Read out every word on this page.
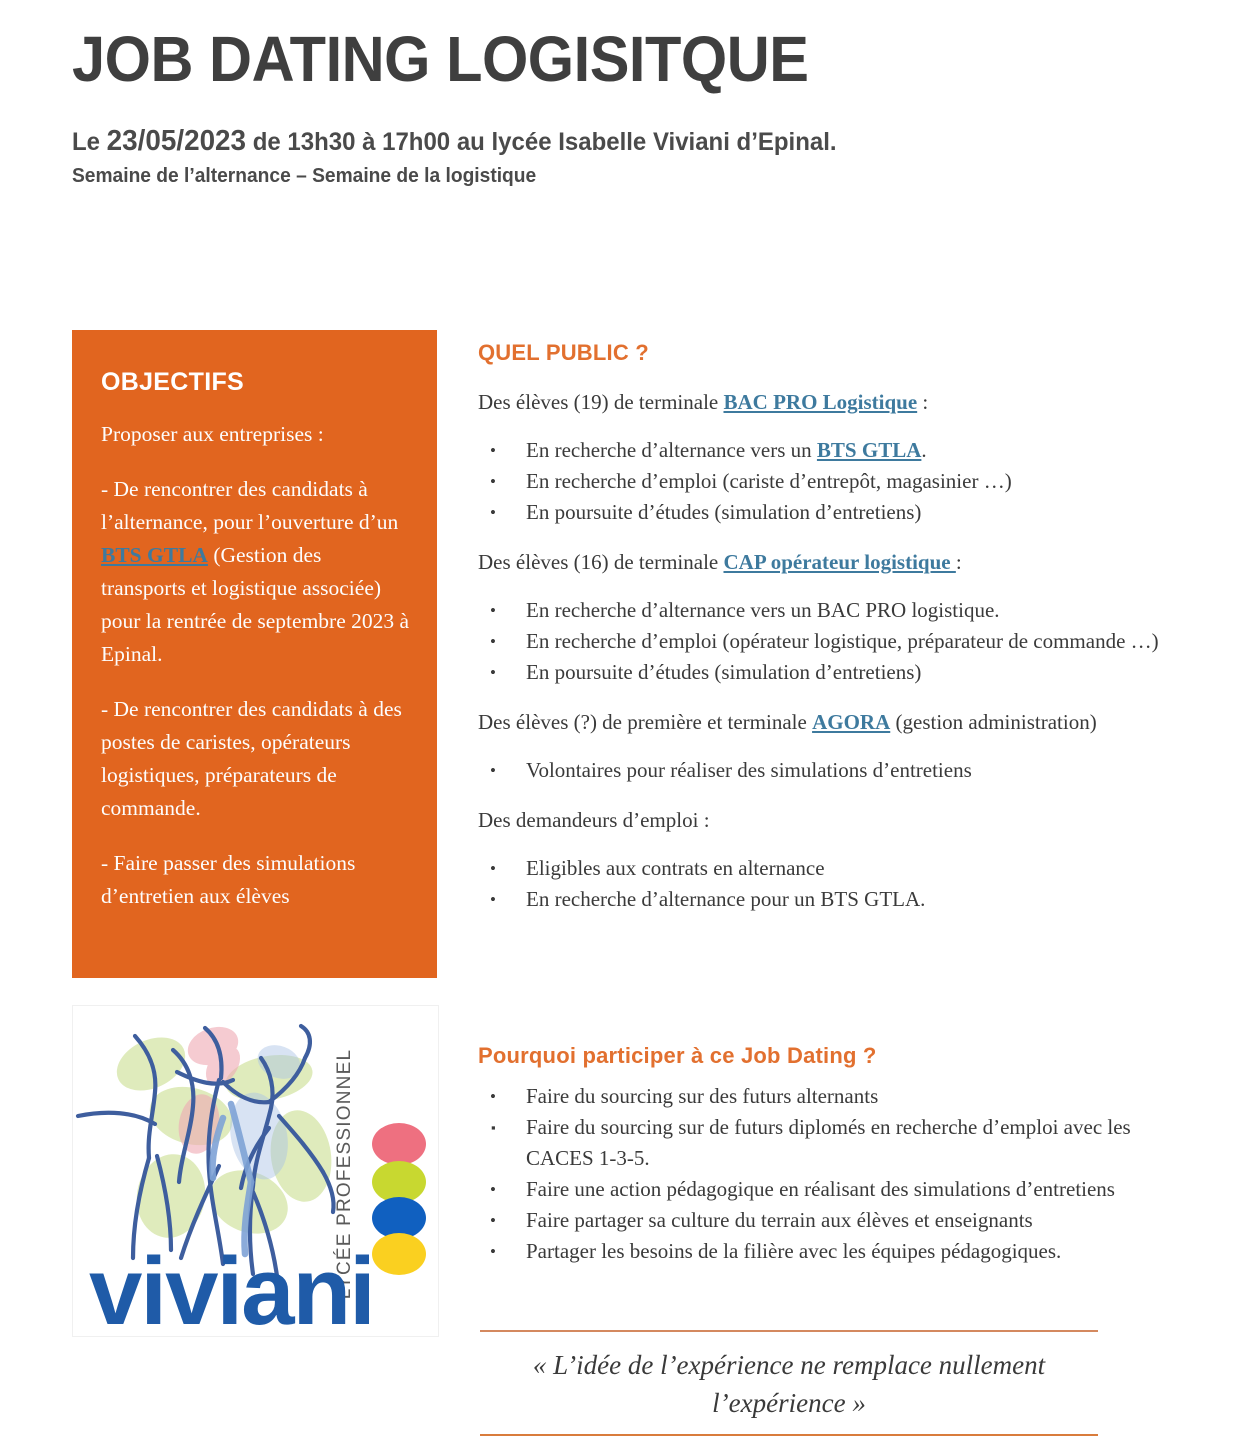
JOB DATING LOGISITQUE
Le 23/05/2023 de 13h30 à 17h00 au lycée Isabelle Viviani d’Epinal.
Semaine de l’alternance – Semaine de la logistique
OBJECTIFS

Proposer aux entreprises :

- De rencontrer des candidats à l’alternance, pour l’ouverture d’un BTS GTLA (Gestion des transports et logistique associée) pour la rentrée de septembre 2023 à Epinal.

- De rencontrer des candidats à des postes de caristes, opérateurs logistiques, préparateurs de commande.

- Faire passer des simulations d’entretien aux élèves

LYCÉE PROFESSIONNEL
viviani
QUEL PUBLIC ?

Des élèves (19) de terminale BAC PRO Logistique :

• En recherche d’alternance vers un BTS GTLA.
• En recherche d’emploi (cariste d’entrepôt, magasinier …)
• En poursuite d’études (simulation d’entretiens)

Des élèves (16) de terminale CAP opérateur logistique :

• En recherche d’alternance vers un BAC PRO logistique.
• En recherche d’emploi (opérateur logistique, préparateur de commande …)
• En poursuite d’études (simulation d’entretiens)

Des élèves (?) de première et terminale AGORA (gestion administration)

• Volontaires pour réaliser des simulations d’entretiens

Des demandeurs d’emploi :

• Eligibles aux contrats en alternance
• En recherche d’alternance pour un BTS GTLA.
Pourquoi participer à ce Job Dating ?
• Faire du sourcing sur des futurs alternants
▪ Faire du sourcing sur de futurs diplomés en recherche d’emploi avec les CACES 1-3-5.
• Faire une action pédagogique en réalisant des simulations d’entretiens
• Faire partager sa culture du terrain aux élèves et enseignants
• Partager les besoins de la filière avec les équipes pédagogiques.
« L’idée de l’expérience ne remplace nullement l’expérience »
